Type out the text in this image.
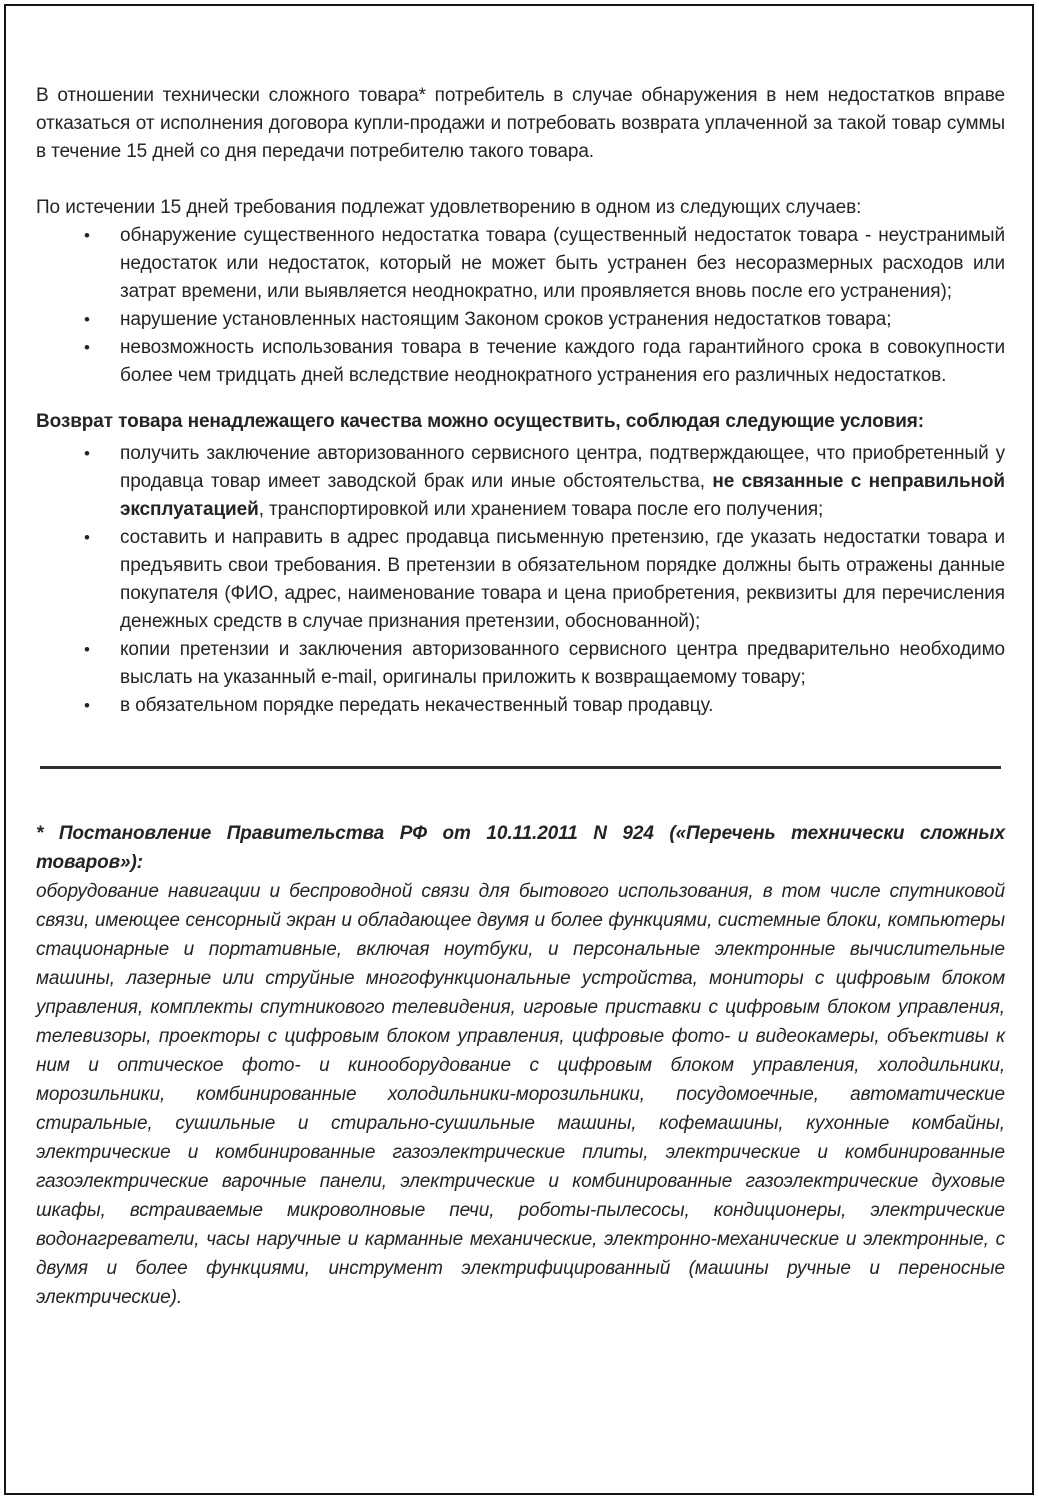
В отношении технически сложного товара* потребитель в случае обнаружения в нем недостатков вправе отказаться от исполнения договора купли-продажи и потребовать возврата уплаченной за такой товар суммы в течение 15 дней со дня передачи потребителю такого товара.

По истечении 15 дней требования подлежат удовлетворению в одном из следующих случаев:

• обнаружение существенного недостатка товара (существенный недостаток товара - неустранимый недостаток или недостаток, который не может быть устранен без несоразмерных расходов или затрат времени, или выявляется неоднократно, или проявляется вновь после его устранения);
• нарушение установленных настоящим Законом сроков устранения недостатков товара;
• невозможность использования товара в течение каждого года гарантийного срока в совокупности более чем тридцать дней вследствие неоднократного устранения его различных недостатков.

Возврат товара ненадлежащего качества можно осуществить, соблюдая следующие условия:

• получить заключение авторизованного сервисного центра, подтверждающее, что приобретенный у продавца товар имеет заводской брак или иные обстоятельства, не связанные с неправильной эксплуатацией, транспортировкой или хранением товара после его получения;
• составить и направить в адрес продавца письменную претензию, где указать недостатки товара и предъявить свои требования. В претензии в обязательном порядке должны быть отражены данные покупателя (ФИО, адрес, наименование товара и цена приобретения, реквизиты для перечисления денежных средств в случае признания претензии, обоснованной);
• копии претензии и заключения авторизованного сервисного центра предварительно необходимо выслать на указанный e-mail, оригиналы приложить к возвращаемому товару;
• в обязательном порядке передать некачественный товар продавцу.

* Постановление Правительства РФ от 10.11.2011 N 924 («Перечень технически сложных товаров»):

оборудование навигации и беспроводной связи для бытового использования, в том числе спутниковой связи, имеющее сенсорный экран и обладающее двумя и более функциями, системные блоки, компьютеры стационарные и портативные, включая ноутбуки, и персональные электронные вычислительные машины, лазерные или струйные многофункциональные устройства, мониторы с цифровым блоком управления, комплекты спутникового телевидения, игровые приставки с цифровым блоком управления, телевизоры, проекторы с цифровым блоком управления, цифровые фото- и видеокамеры, объективы к ним и оптическое фото- и кинооборудование с цифровым блоком управления, холодильники, морозильники, комбинированные холодильники-морозильники, посудомоечные, автоматические стиральные, сушильные и стирально-сушильные машины, кофемашины, кухонные комбайны, электрические и комбинированные газоэлектрические плиты, электрические и комбинированные газоэлектрические варочные панели, электрические и комбинированные газоэлектрические духовые шкафы, встраиваемые микроволновые печи, роботы-пылесосы, кондиционеры, электрические водонагреватели, часы наручные и карманные механические, электронно-механические и электронные, с двумя и более функциями, инструмент электрифицированный (машины ручные и переносные электрические).
